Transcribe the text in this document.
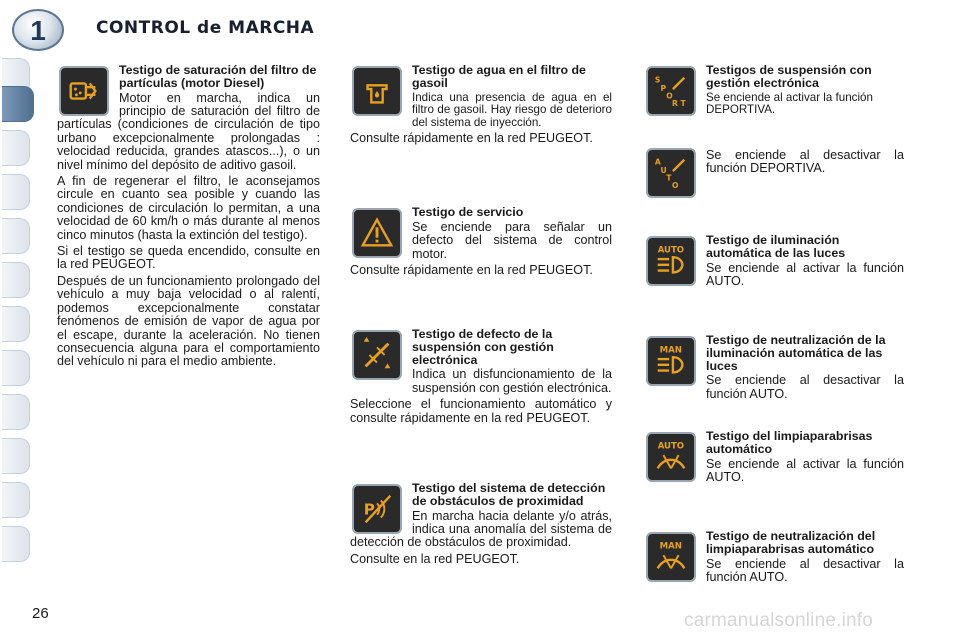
1	CONTROL de MARCHA
Testigo de saturación del filtro de partículas (motor Diesel)

Motor en marcha, indica un principio de saturación del filtro de partículas (condiciones de circulación de tipo urbano excepcionalmente prolongadas : velocidad reducida, grandes atascos...), o un nivel mínimo del depósito de aditivo gasoil.

A fin de regenerar el filtro, le aconsejamos circule en cuanto sea posible y cuando las condiciones de circulación lo permitan, a una velocidad de 60 km/h o más durante al menos cinco minutos (hasta la extinción del testigo).

Si el testigo se queda encendido, consulte en la red PEUGEOT.

Después de un funcionamiento prolongado del vehículo a muy baja velocidad o al ralentí, podemos excepcionalmente constatar fenómenos de emisión de vapor de agua por el escape, durante la aceleración. No tienen consecuencia alguna para el comportamiento del vehículo ni para el medio ambiente.

Testigo de agua en el filtro de gasoil

Indica una presencia de agua en el filtro de gasoil. Hay riesgo de deterioro del sistema de inyección.

Consulte rápidamente en la red PEUGEOT.

Testigo de servicio

Se enciende para señalar un defecto del sistema de control motor.

Consulte rápidamente en la red PEUGEOT.

Testigo de defecto de la suspensión con gestión electrónica

Indica un disfuncionamiento de la suspensión con gestión electrónica.

Seleccione el funcionamiento automático y consulte rápidamente en la red PEUGEOT.

P
Testigo del sistema de detección de obstáculos de proximidad

En marcha hacia delante y/o atrás, indica una anomalía del sistema de detección de obstáculos de proximidad.

Consulte en la red PEUGEOT.

S
P
O
R T
Testigos de suspensión con gestión electrónica

Se enciende al activar la función DEPORTIVA.

A
U
T
O

Se enciende al desactivar la función DEPORTIVA.

AUTO
Testigo de iluminación automática de las luces

Se enciende al activar la función AUTO.

MAN
Testigo de neutralización de la iluminación automática de las luces

Se enciende al desactivar la función AUTO.

AUTO
Testigo del limpiaparabrisas automático

Se enciende al activar la función AUTO.

MAN
Testigo de neutralización del limpiaparabrisas automático

Se enciende al desactivar la función AUTO.

26	carmanualsonline.info
